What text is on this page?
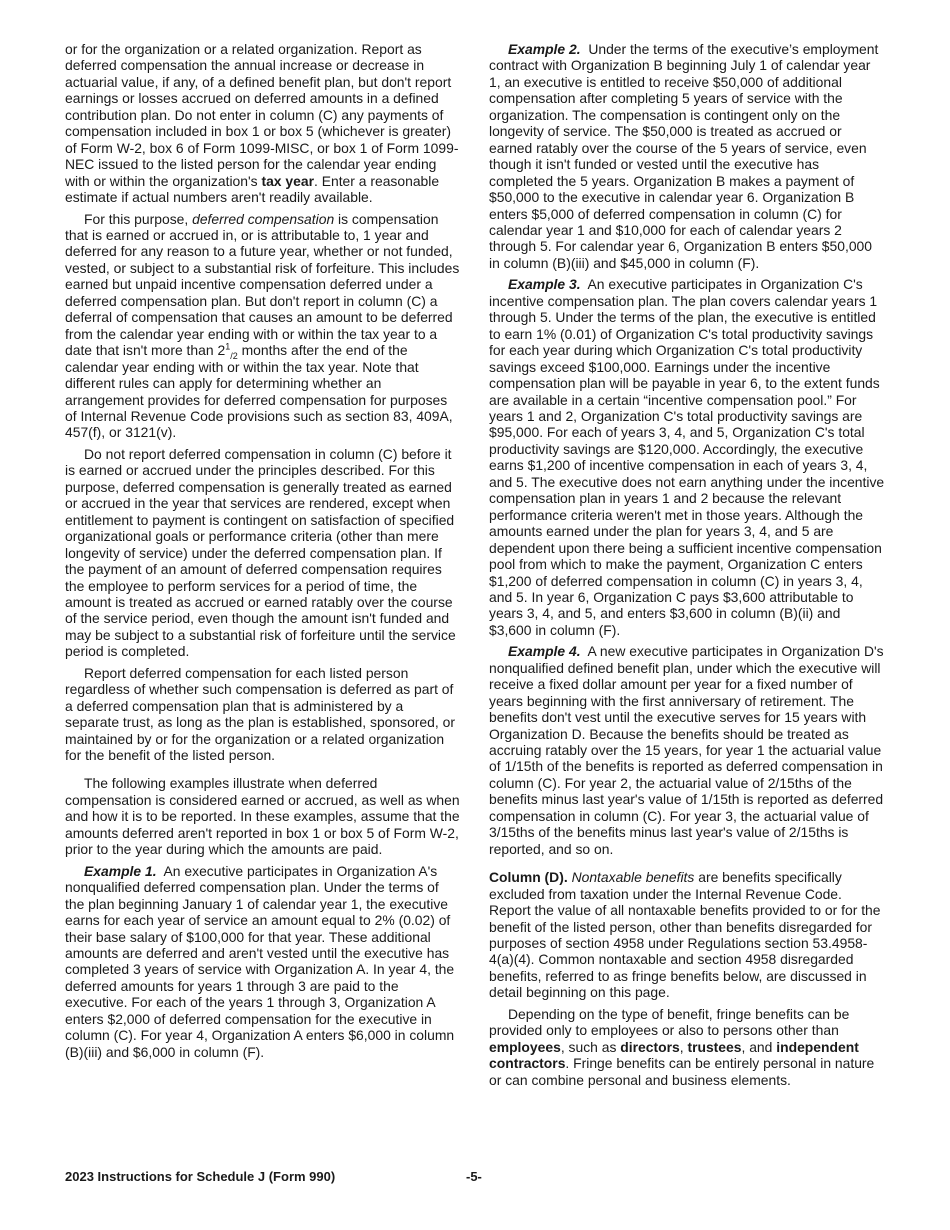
or for the organization or a related organization. Report as deferred compensation the annual increase or decrease in actuarial value, if any, of a defined benefit plan, but don't report earnings or losses accrued on deferred amounts in a defined contribution plan. Do not enter in column (C) any payments of compensation included in box 1 or box 5 (whichever is greater) of Form W-2, box 6 of Form 1099-MISC, or box 1 of Form 1099-NEC issued to the listed person for the calendar year ending with or within the organization's tax year. Enter a reasonable estimate if actual numbers aren't readily available.

For this purpose, deferred compensation is compensation that is earned or accrued in, or is attributable to, 1 year and deferred for any reason to a future year, whether or not funded, vested, or subject to a substantial risk of forfeiture. This includes earned but unpaid incentive compensation deferred under a deferred compensation plan. But don't report in column (C) a deferral of compensation that causes an amount to be deferred from the calendar year ending with or within the tax year to a date that isn't more than $2^1_{/2}$ months after the end of the calendar year ending with or within the tax year. Note that different rules can apply for determining whether an arrangement provides for deferred compensation for purposes of Internal Revenue Code provisions such as section 83, 409A, 457(f), or 3121(v).

Do not report deferred compensation in column (C) before it is earned or accrued under the principles described. For this purpose, deferred compensation is generally treated as earned or accrued in the year that services are rendered, except when entitlement to payment is contingent on satisfaction of specified organizational goals or performance criteria (other than mere longevity of service) under the deferred compensation plan. If the payment of an amount of deferred compensation requires the employee to perform services for a period of time, the amount is treated as accrued or earned ratably over the course of the service period, even though the amount isn't funded and may be subject to a substantial risk of forfeiture until the service period is completed.

Report deferred compensation for each listed person regardless of whether such compensation is deferred as part of a deferred compensation plan that is administered by a separate trust, as long as the plan is established, sponsored, or maintained by or for the organization or a related organization for the benefit of the listed person.

The following examples illustrate when deferred compensation is considered earned or accrued, as well as when and how it is to be reported. In these examples, assume that the amounts deferred aren't reported in box 1 or box 5 of Form W-2, prior to the year during which the amounts are paid.

Example 1. An executive participates in Organization A's nonqualified deferred compensation plan. Under the terms of the plan beginning January 1 of calendar year 1, the executive earns for each year of service an amount equal to 2% (0.02) of their base salary of $100,000 for that year. These additional amounts are deferred and aren't vested until the executive has completed 3 years of service with Organization A. In year 4, the deferred amounts for years 1 through 3 are paid to the executive. For each of the years 1 through 3, Organization A enters $2,000 of deferred compensation for the executive in column (C). For year 4, Organization A enters $6,000 in column (B)(iii) and $6,000 in column (F).

Example 2. Under the terms of the executive’s employment contract with Organization B beginning July 1 of calendar year 1, an executive is entitled to receive $50,000 of additional compensation after completing 5 years of service with the organization. The compensation is contingent only on the longevity of service. The $50,000 is treated as accrued or earned ratably over the course of the 5 years of service, even though it isn't funded or vested until the executive has completed the 5 years. Organization B makes a payment of $50,000 to the executive in calendar year 6. Organization B enters $5,000 of deferred compensation in column (C) for calendar year 1 and $10,000 for each of calendar years 2 through 5. For calendar year 6, Organization B enters $50,000 in column (B)(iii) and $45,000 in column (F).

Example 3. An executive participates in Organization C's incentive compensation plan. The plan covers calendar years 1 through 5. Under the terms of the plan, the executive is entitled to earn 1% (0.01) of Organization C's total productivity savings for each year during which Organization C's total productivity savings exceed $100,000. Earnings under the incentive compensation plan will be payable in year 6, to the extent funds are available in a certain “incentive compensation pool.” For years 1 and 2, Organization C's total productivity savings are $95,000. For each of years 3, 4, and 5, Organization C's total productivity savings are $120,000. Accordingly, the executive earns $1,200 of incentive compensation in each of years 3, 4, and 5. The executive does not earn anything under the incentive compensation plan in years 1 and 2 because the relevant performance criteria weren't met in those years. Although the amounts earned under the plan for years 3, 4, and 5 are dependent upon there being a sufficient incentive compensation pool from which to make the payment, Organization C enters $1,200 of deferred compensation in column (C) in years 3, 4, and 5. In year 6, Organization C pays $3,600 attributable to years 3, 4, and 5, and enters $3,600 in column (B)(ii) and $3,600 in column (F).

Example 4. A new executive participates in Organization D's nonqualified defined benefit plan, under which the executive will receive a fixed dollar amount per year for a fixed number of years beginning with the first anniversary of retirement. The benefits don't vest until the executive serves for 15 years with Organization D. Because the benefits should be treated as accruing ratably over the 15 years, for year 1 the actuarial value of 1/15th of the benefits is reported as deferred compensation in column (C). For year 2, the actuarial value of 2/15ths of the benefits minus last year's value of 1/15th is reported as deferred compensation in column (C). For year 3, the actuarial value of 3/15ths of the benefits minus last year's value of 2/15ths is reported, and so on.

Column (D). Nontaxable benefits are benefits specifically excluded from taxation under the Internal Revenue Code. Report the value of all nontaxable benefits provided to or for the benefit of the listed person, other than benefits disregarded for purposes of section 4958 under Regulations section 53.4958-4(a)(4). Common nontaxable and section 4958 disregarded benefits, referred to as fringe benefits below, are discussed in detail beginning on this page.

Depending on the type of benefit, fringe benefits can be provided only to employees or also to persons other than employees, such as directors, trustees, and independent contractors. Fringe benefits can be entirely personal in nature or can combine personal and business elements.

2023 Instructions for Schedule J (Form 990)	-5-
